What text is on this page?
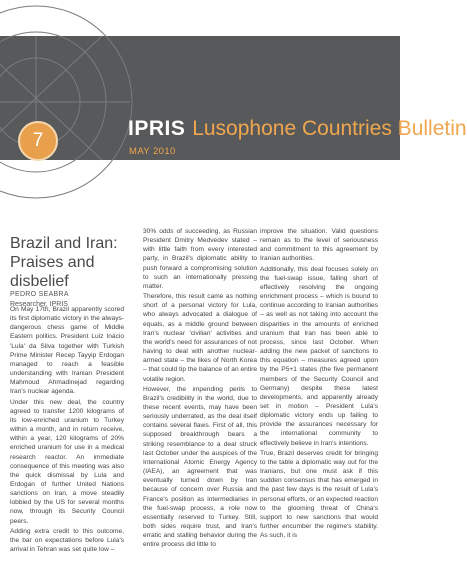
7
IPRIS Lusophone Countries Bulletin
MAY 2010
Brazil and Iran:
Praises and
disbelief
PEDRO SEABRA
Researcher, IPRIS

On May 17th, Brazil apparently scored its first diplomatic victory in the always-dangerous chess game of Middle Eastern politics. President Luiz Inácio 'Lula' da Silva together with Turkish Prime Minister Recep Tayyip Erdogan managed to reach a feasible understanding with Iranian President Mahmoud Ahmadinejad regarding Iran's nuclear agenda.

Under this new deal, the country agreed to transfer 1200 kilograms of its low-enriched uranium to Turkey within a month, and in return receive, within a year, 120 kilograms of 20% enriched uranium for use in a medical research reactor. An immediate consequence of this meeting was also the quick dismissal by Lula and Erdogan of further United Nations sanctions on Iran, a move steadily lobbied by the US for several months now, through its Security Council peers.

Adding extra credit to this outcome, the bar on expectations before Lula's arrival in Tehran was set quite low –

30% odds of succeeding, as Russian President Dmitry Medvedev stated – with little faith from every interested party, in Brazil's diplomatic ability to push forward a compromising solution to such an internationally pressing matter.

Therefore, this result came as nothing short of a personal victory for Lula, who always advocated a dialogue of equals, as a middle ground between Iran's nuclear 'civilian' activities and the world's need for assurances of not having to deal with another nuclear-armed state – the likes of North Korea – that could tip the balance of an entire volatile region.

However, the impending perils to Brazil's credibility in the world, due to these recent events, may have been seriously underrated, as the deal itself contains several flaws. First of all, this supposed breakthrough bears a striking resemblance to a deal struck last October under the auspices of the International Atomic Energy Agency (IAEA), an agreement that was eventually turned down by Iran because of concern over Russia and France's position as intermediaries in the fuel-swap process, a role now essentially reserved to Turkey. Still, both sides require trust, and Iran's erratic and stalling behavior during the entire process did little to

improve the situation. Valid questions remain as to the level of seriousness and commitment to this agreement by Iranian authorities.

Additionally, this deal focuses solely on the fuel-swap issue, falling short of effectively resolving the ongoing enrichment process – which is bound to continue according to Iranian authorities – as well as not taking into account the disparities in the amounts of enriched uranium that Iran has been able to process, since last October. When adding the new packet of sanctions to this equation – measures agreed upon by the P5+1 states (the five permanent members of the Security Council and Germany) despite these latest developments, and apparently already set in motion – President Lula's diplomatic victory ends up failing to provide the assurances necessary for the international community to effectively believe in Iran's intentions.

True, Brazil deserves credit for bringing to the table a diplomatic way out for the Iranians, but one must ask if this sudden consensus that has emerged in the past few days is the result of Lula's personal efforts, or an expected reaction to the glooming threat of China's support to new sanctions that would further encumber the regime's stability. As such, it is
